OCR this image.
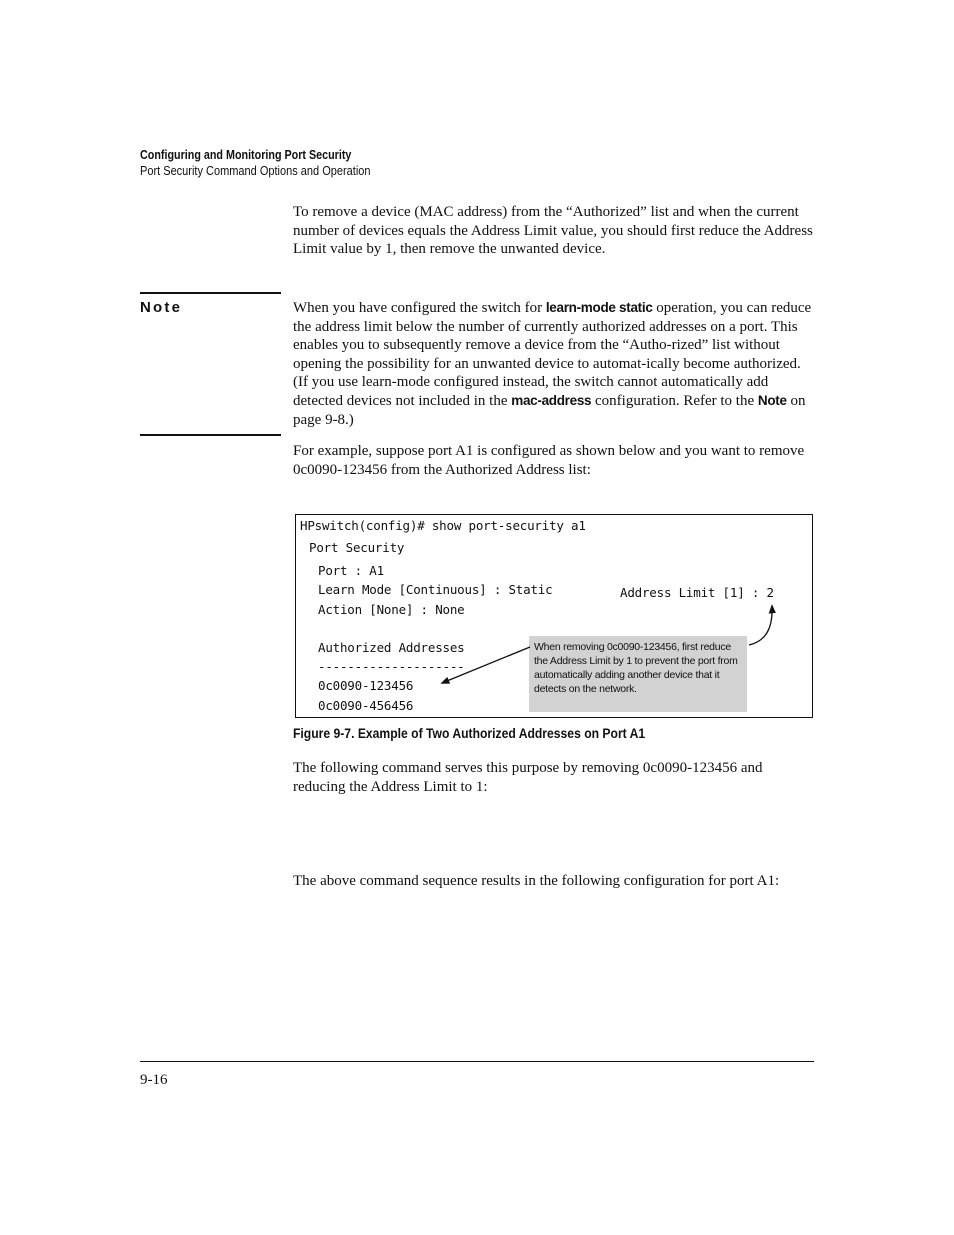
Configuring and Monitoring Port Security
Port Security Command Options and Operation

To remove a device (MAC address) from the “Authorized” list and when the current number of devices equals the Address Limit value, you should first reduce the Address Limit value by 1, then remove the unwanted device.

Note	When you have configured the switch for learn-mode static operation, you can reduce the address limit below the number of currently authorized addresses on a port. This enables you to subsequently remove a device from the “Autho-rized” list without opening the possibility for an unwanted device to automat-ically become authorized. (If you use learn-mode configured instead, the switch cannot automatically add detected devices not included in the mac-address configuration. Refer to the Note on page 9-8.)

For example, suppose port A1 is configured as shown below and you want to remove 0c0090-123456 from the Authorized Address list:

HPswitch(config)# show port-security a1
Port Security
Port : A1
Learn Mode [Continuous] : Static
Action [None] : None
Address Limit [1] : 2
Authorized Addresses
--------------------
0c0090-123456
0c0090-456456
When removing 0c0090-123456, first reduce the Address Limit by 1 to prevent the port from automatically adding another device that it detects on the network.
Figure 9-7. Example of Two Authorized Addresses on Port A1

The following command serves this purpose by removing 0c0090-123456 and reducing the Address Limit to 1:

The above command sequence results in the following configuration for port A1:

9-16
